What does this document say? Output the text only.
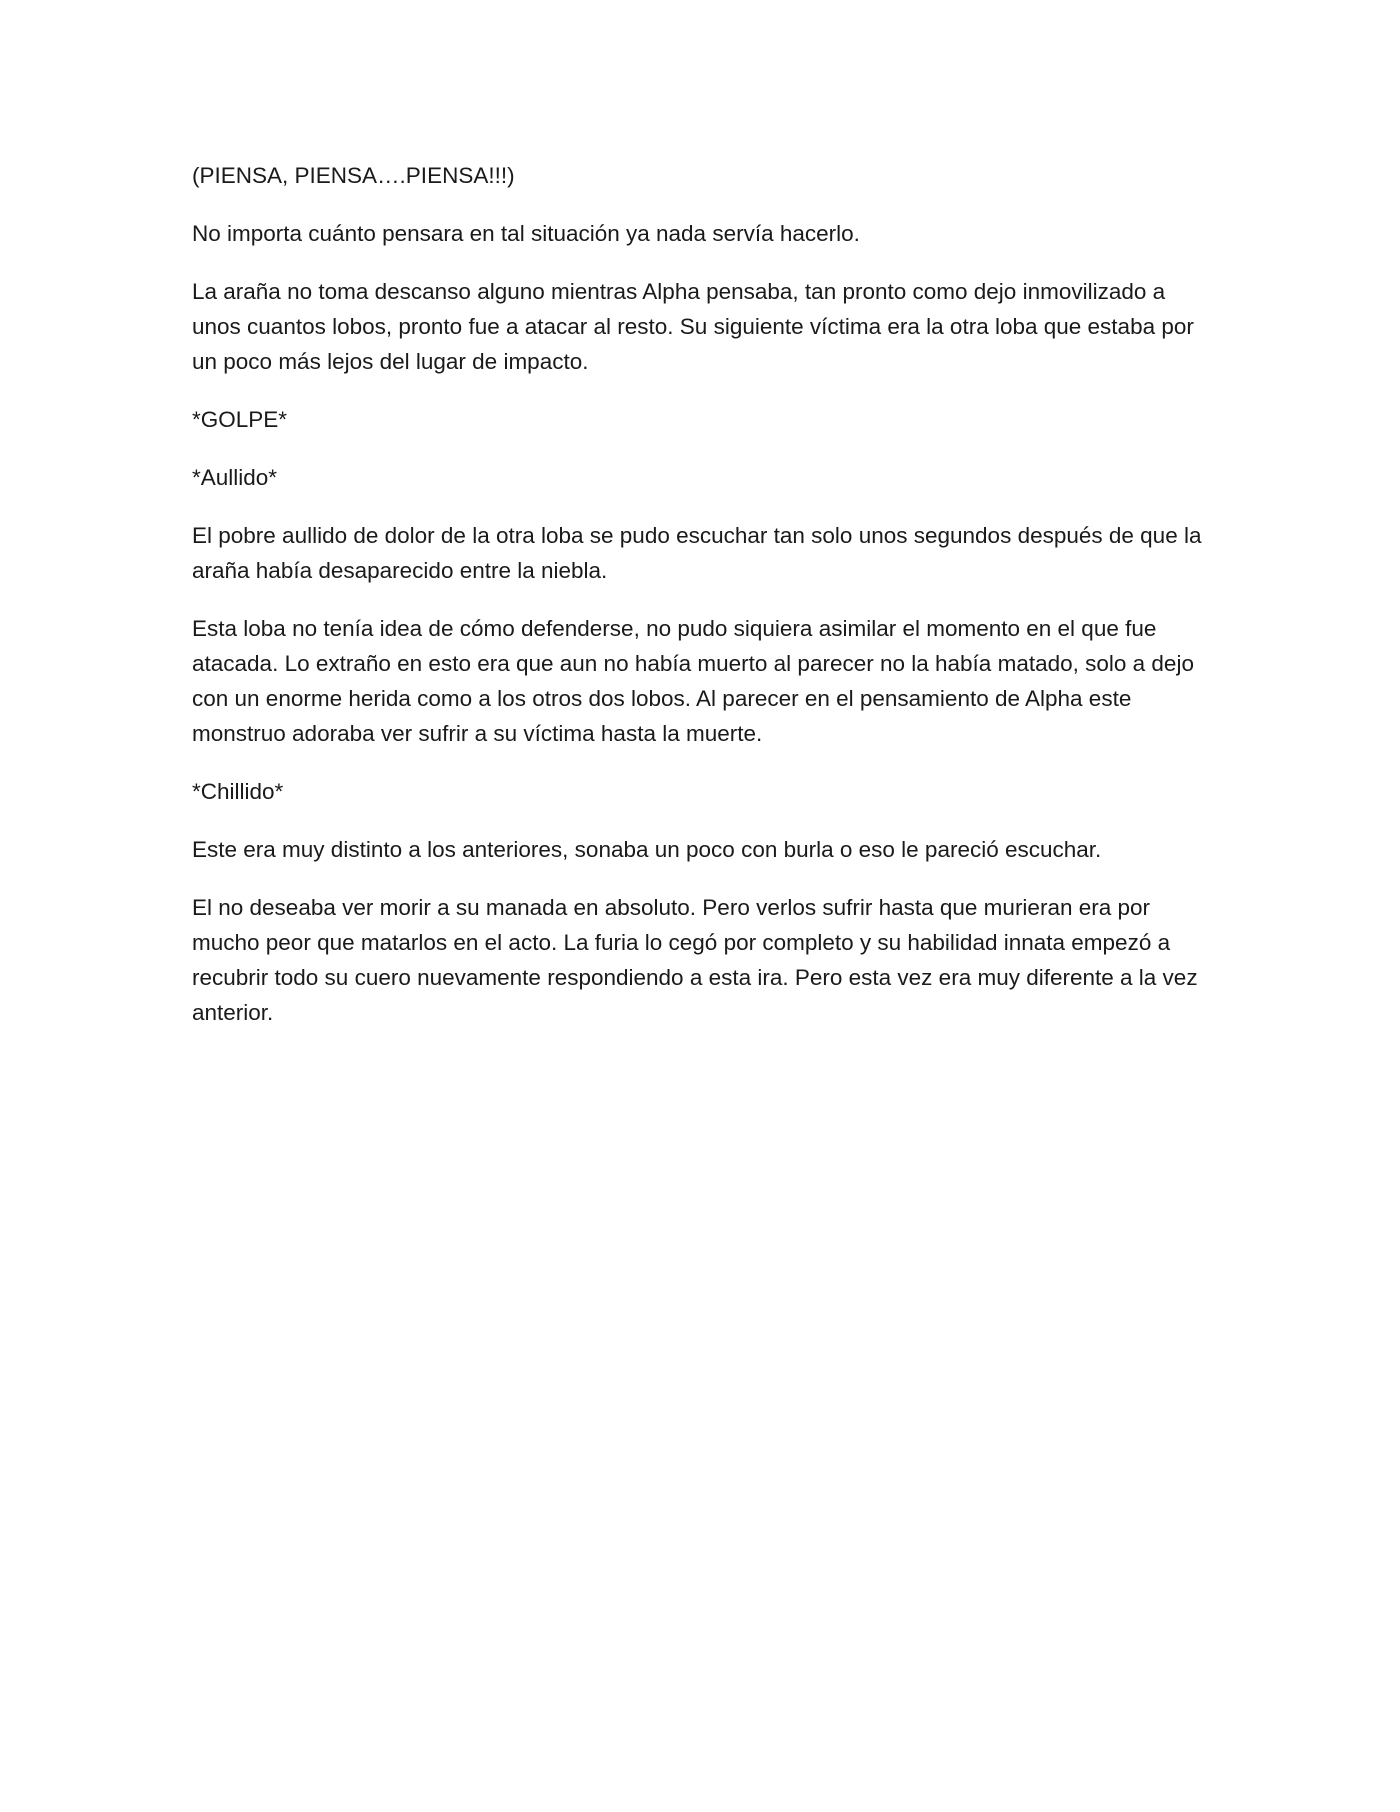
(PIENSA, PIENSA….PIENSA!!!)

No importa cuánto pensara en tal situación ya nada servía hacerlo.

La araña no toma descanso alguno mientras Alpha pensaba, tan pronto como dejo inmovilizado a unos cuantos lobos, pronto fue a atacar al resto. Su siguiente víctima era la otra loba que estaba por un poco más lejos del lugar de impacto.

*GOLPE*

*Aullido*

El pobre aullido de dolor de la otra loba se pudo escuchar tan solo unos segundos después de que la araña había desaparecido entre la niebla.

Esta loba no tenía idea de cómo defenderse, no pudo siquiera asimilar el momento en el que fue atacada. Lo extraño en esto era que aun no había muerto al parecer no la había matado, solo a dejo con un enorme herida como a los otros dos lobos. Al parecer en el pensamiento de Alpha este monstruo adoraba ver sufrir a su víctima hasta la muerte.

*Chillido*

Este era muy distinto a los anteriores, sonaba un poco con burla o eso le pareció escuchar.

El no deseaba ver morir a su manada en absoluto. Pero verlos sufrir hasta que murieran era por mucho peor que matarlos en el acto. La furia lo cegó por completo y su habilidad innata empezó a recubrir todo su cuero nuevamente respondiendo a esta ira. Pero esta vez era muy diferente a la vez anterior.
